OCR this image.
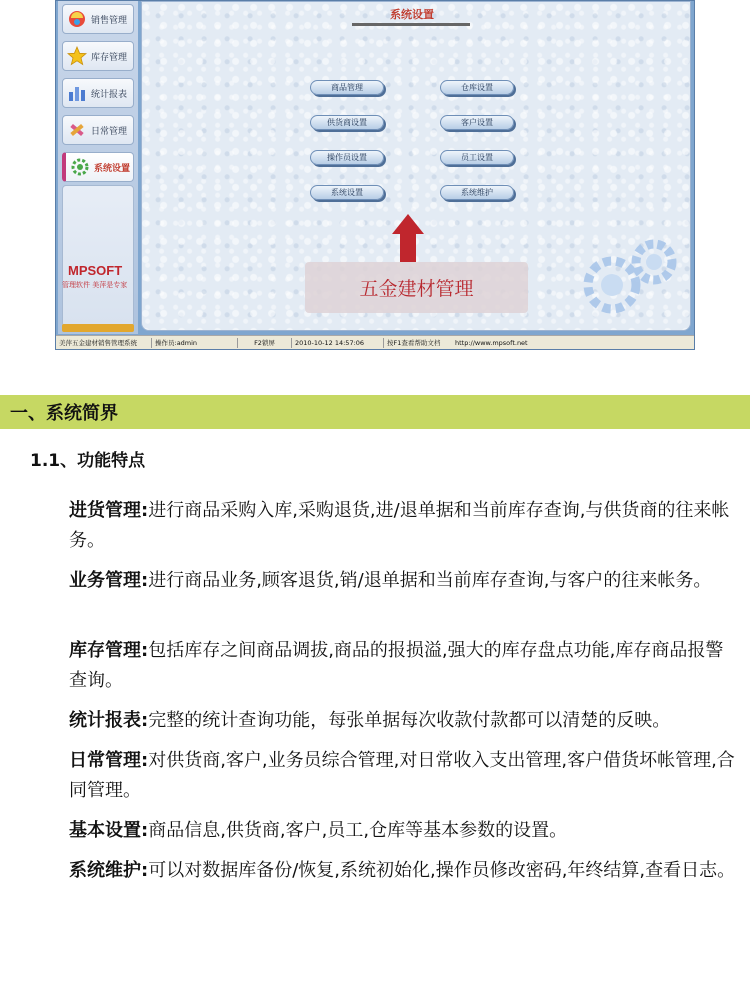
销售管理
库存管理
统计报表
日常管理
系统设置
MPSOFT
管理软件 美萍是专家
系统设置
商品管理	仓库设置
供货商设置	客户设置
操作员设置	员工设置
系统设置	系统维护
五金建材管理
美萍五金建材销售管理系统	操作员:admin	F2锁屏	2010-10-12 14:57:06	按F1查看帮助文档	http://www.mpsoft.net
一、系统简界
1.1、功能特点

进货管理:进行商品采购入库,采购退货,进/退单据和当前库存查询,与供货商的往来帐务。

业务管理:进行商品业务,顾客退货,销/退单据和当前库存查询,与客户的往来帐务。

库存管理:包括库存之间商品调拔,商品的报损溢,强大的库存盘点功能,库存商品报警查询。

统计报表:完整的统计查询功能，每张单据每次收款付款都可以清楚的反映。

日常管理:对供货商,客户,业务员综合管理,对日常收入支出管理,客户借货坏帐管理,合同管理。

基本设置:商品信息,供货商,客户,员工,仓库等基本参数的设置。

系统维护:可以对数据库备份/恢复,系统初始化,操作员修改密码,年终结算,查看日志。
